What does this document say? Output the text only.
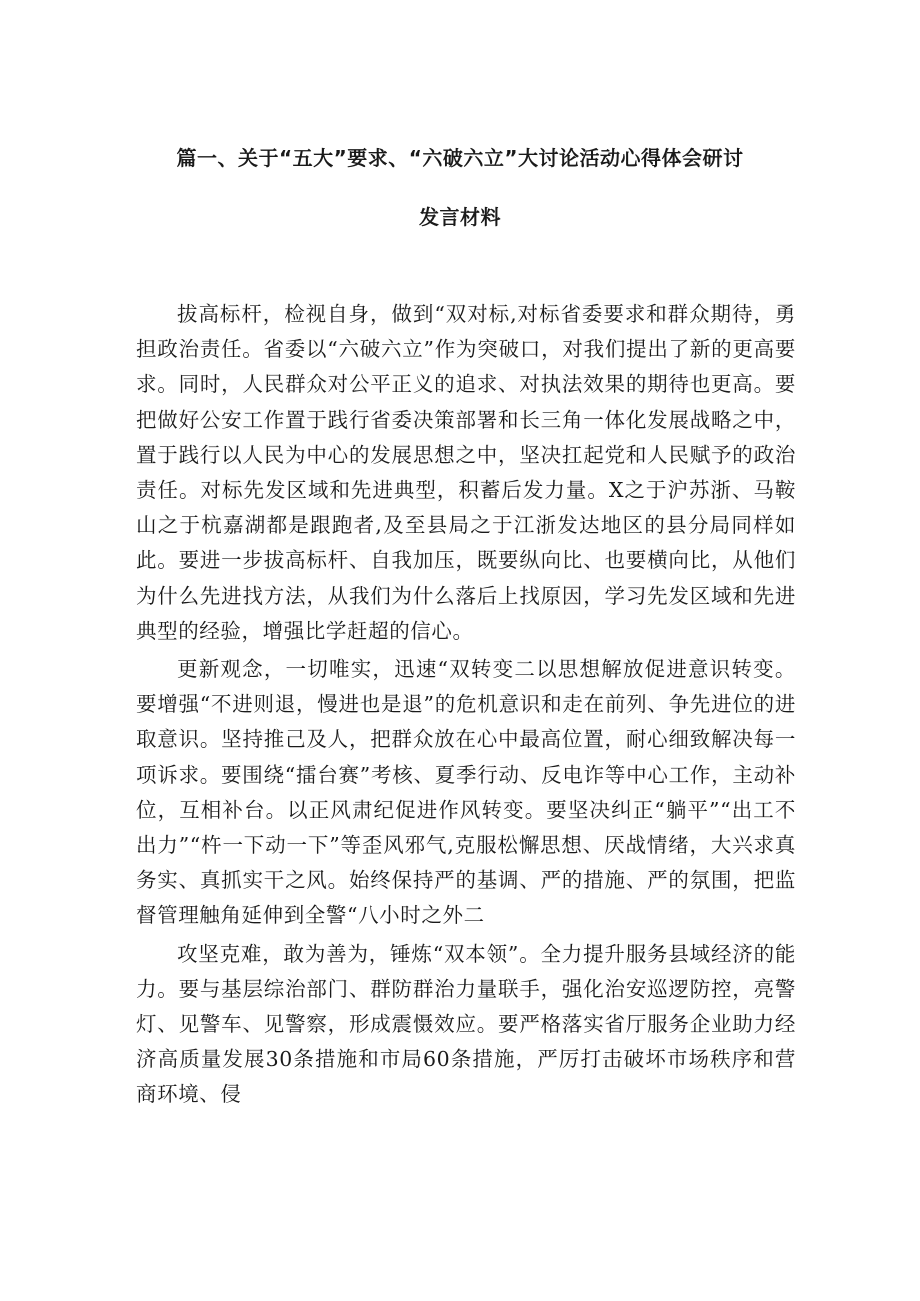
篇一、关于“五大”要求、“六破六立”大讨论活动心得体会研讨
发言材料

拔高标杆，检视自身，做到“双对标,对标省委要求和群众期待，勇担政治责任。省委以“六破六立”作为突破口，对我们提出了新的更高要求。同时，人民群众对公平正义的追求、对执法效果的期待也更高。要把做好公安工作置于践行省委决策部署和长三角一体化发展战略之中，置于践行以人民为中心的发展思想之中，坚决扛起党和人民赋予的政治责任。对标先发区域和先进典型，积蓄后发力量。X之于沪苏浙、马鞍山之于杭嘉湖都是跟跑者,及至县局之于江浙发达地区的县分局同样如此。要进一步拔高标杆、自我加压，既要纵向比、也要横向比，从他们为什么先进找方法，从我们为什么落后上找原因，学习先发区域和先进典型的经验，增强比学赶超的信心。

更新观念，一切唯实，迅速“双转变二以思想解放促进意识转变。要增强“不进则退，慢进也是退”的危机意识和走在前列、争先进位的进取意识。坚持推己及人，把群众放在心中最高位置，耐心细致解决每一项诉求。要围绕“擂台赛”考核、夏季行动、反电诈等中心工作，主动补位，互相补台。以正风肃纪促进作风转变。要坚决纠正“躺平”“出工不出力”“杵一下动一下”等歪风邪气,克服松懈思想、厌战情绪，大兴求真务实、真抓实干之风。始终保持严的基调、严的措施、严的氛围，把监督管理触角延伸到全警“八小时之外二

攻坚克难，敢为善为，锤炼“双本领”。全力提升服务县域经济的能力。要与基层综治部门、群防群治力量联手，强化治安巡逻防控，亮警灯、见警车、见警察，形成震慑效应。要严格落实省厅服务企业助力经济高质量发展30条措施和市局60条措施，严厉打击破坏市场秩序和营商环境、侵
